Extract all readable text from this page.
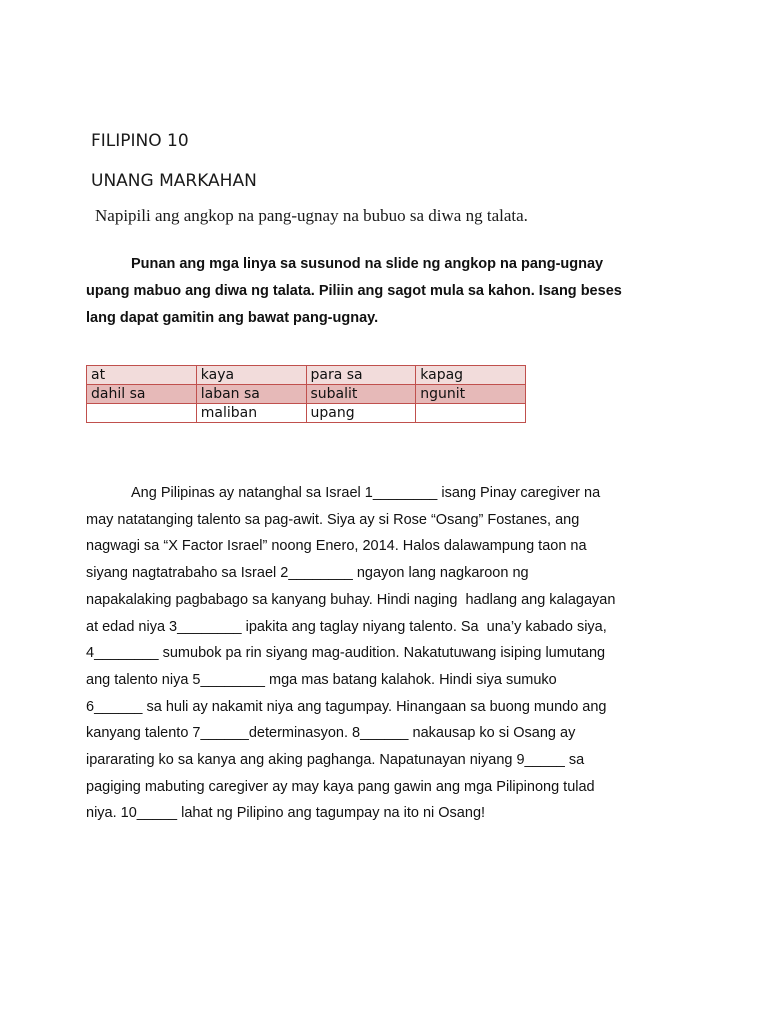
FILIPINO 10
UNANG MARKAHAN
Napipili ang angkop na pang-ugnay na bubuo sa diwa ng talata.
Punan ang mga linya sa susunod na slide ng angkop na pang-ugnay upang mabuo ang diwa ng talata. Piliin ang sagot mula sa kahon. Isang beses lang dapat gamitin ang bawat pang-ugnay.
at	kaya	para sa	kapag
dahil sa	laban sa	subalit	ngunit
	maliban	upang	
Ang Pilipinas ay natanghal sa Israel 1________ isang Pinay caregiver na
may natatanging talento sa pag-awit. Siya ay si Rose “Osang” Fostanes, ang
nagwagi sa “X Factor Israel” noong Enero, 2014. Halos dalawampung taon na
siyang nagtatrabaho sa Israel 2________ ngayon lang nagkaroon ng
napakalaking pagbabago sa kanyang buhay. Hindi naging  hadlang ang kalagayan
at edad niya 3________ ipakita ang taglay niyang talento. Sa  una’y kabado siya,
4________ sumubok pa rin siyang mag-audition. Nakatutuwang isiping lumutang
ang talento niya 5________ mga mas batang kalahok. Hindi siya sumuko
6______ sa huli ay nakamit niya ang tagumpay. Hinangaan sa buong mundo ang
kanyang talento 7______determinasyon. 8______ nakausap ko si Osang ay
ipararating ko sa kanya ang aking paghanga. Napatunayan niyang 9_____ sa
pagiging mabuting caregiver ay may kaya pang gawin ang mga Pilipinong tulad
niya. 10_____ lahat ng Pilipino ang tagumpay na ito ni Osang!
